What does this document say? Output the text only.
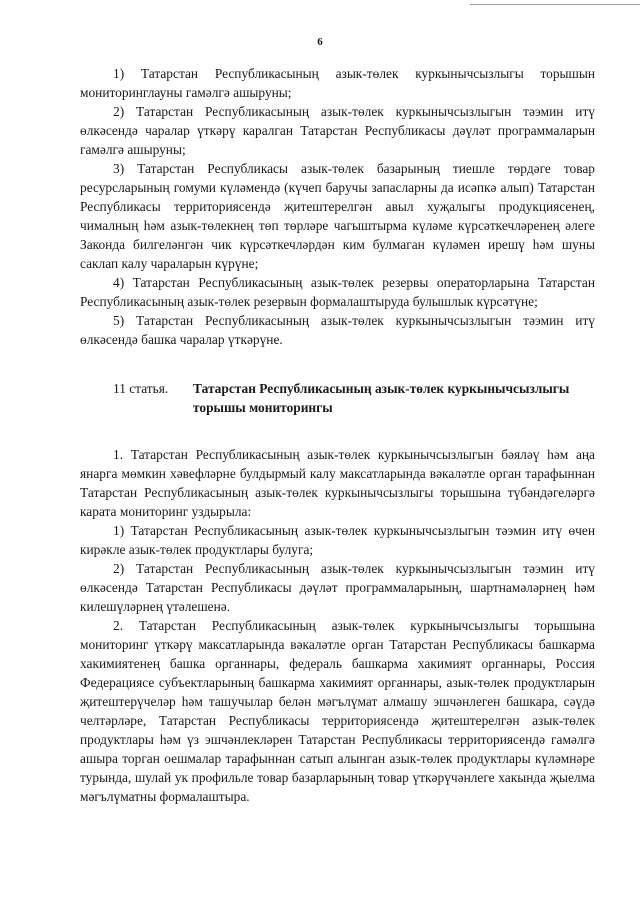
6

1) Татарстан Республикасының азык-төлек куркынычсызлыгы торышын мониторинглауны гамәлгә ашыруны;

2) Татарстан Республикасының азык-төлек куркынычсызлыгын тәэмин итү өлкәсендә чаралар үткәрү каралган Татарстан Республикасы дәүләт программаларын гамәлгә ашыруны;

3) Татарстан Республикасы азык-төлек базарының тиешле төрдәге товар ресурсларының гомуми күләмендә (күчеп баручы запасларны да исәпкә алып) Татарстан Республикасы территориясендә җитештерелгән авыл хуҗалыгы продукциясенең, чималның һәм азык-төлекнең төп төрләре чагыштырма күләме күрсәткечләренең әлеге Законда билгеләнгән чик күрсәткечләрдән ким булмаган күләмен ирешү һәм шуны саклап калу чараларын күрүне;

4) Татарстан Республикасының азык-төлек резервы операторларына Татарстан Республикасының азык-төлек резервын формалаштыруда булышлык күрсәтүне;

5) Татарстан Республикасының азык-төлек куркынычсызлыгын тәэмин итү өлкәсендә башка чаралар үткәрүне.

11 статья.	Татарстан Республикасының азык-төлек куркынычсызлыгы торышы мониторингы

1. Татарстан Республикасының азык-төлек куркынычсызлыгын бәяләү һәм аңа янарга мөмкин хәвефләрне булдырмый калу максатларында вәкаләтле орган тарафыннан Татарстан Республикасының азык-төлек куркынычсызлыгы торышына түбәндәгеләргә карата мониторинг уздырыла:

1) Татарстан Республикасының азык-төлек куркынычсызлыгын тәэмин итү өчен кирәкле азык-төлек продуктлары булуга;

2) Татарстан Республикасының азык-төлек куркынычсызлыгын тәэмин итү өлкәсендә Татарстан Республикасы дәүләт программаларының, шартнамәләрнең һәм килешүләрнең үтәлешенә.

2. Татарстан Республикасының азык-төлек куркынычсызлыгы торышына мониторинг үткәрү максатларында вәкаләтле орган Татарстан Республикасы башкарма хакимиятенең башка органнары, федераль башкарма хакимият органнары, Россия Федерациясе субъектларының башкарма хакимият органнары, азык-төлек продуктларын җитештерүчеләр һәм ташучылар белән мәгълүмат алмашу эшчәнлеген башкара, сәүдә челтәрләре, Татарстан Республикасы территориясендә җитештерелгән азык-төлек продуктлары һәм үз эшчәнлекләрен Татарстан Республикасы территориясендә гамәлгә ашыра торган оешмалар тарафыннан сатып алынган азык-төлек продуктлары күләмнәре турында, шулай ук профильле товар базарларының товар үткәрүчәнлеге хакында җыелма мәгълүматны формалаштыра.
